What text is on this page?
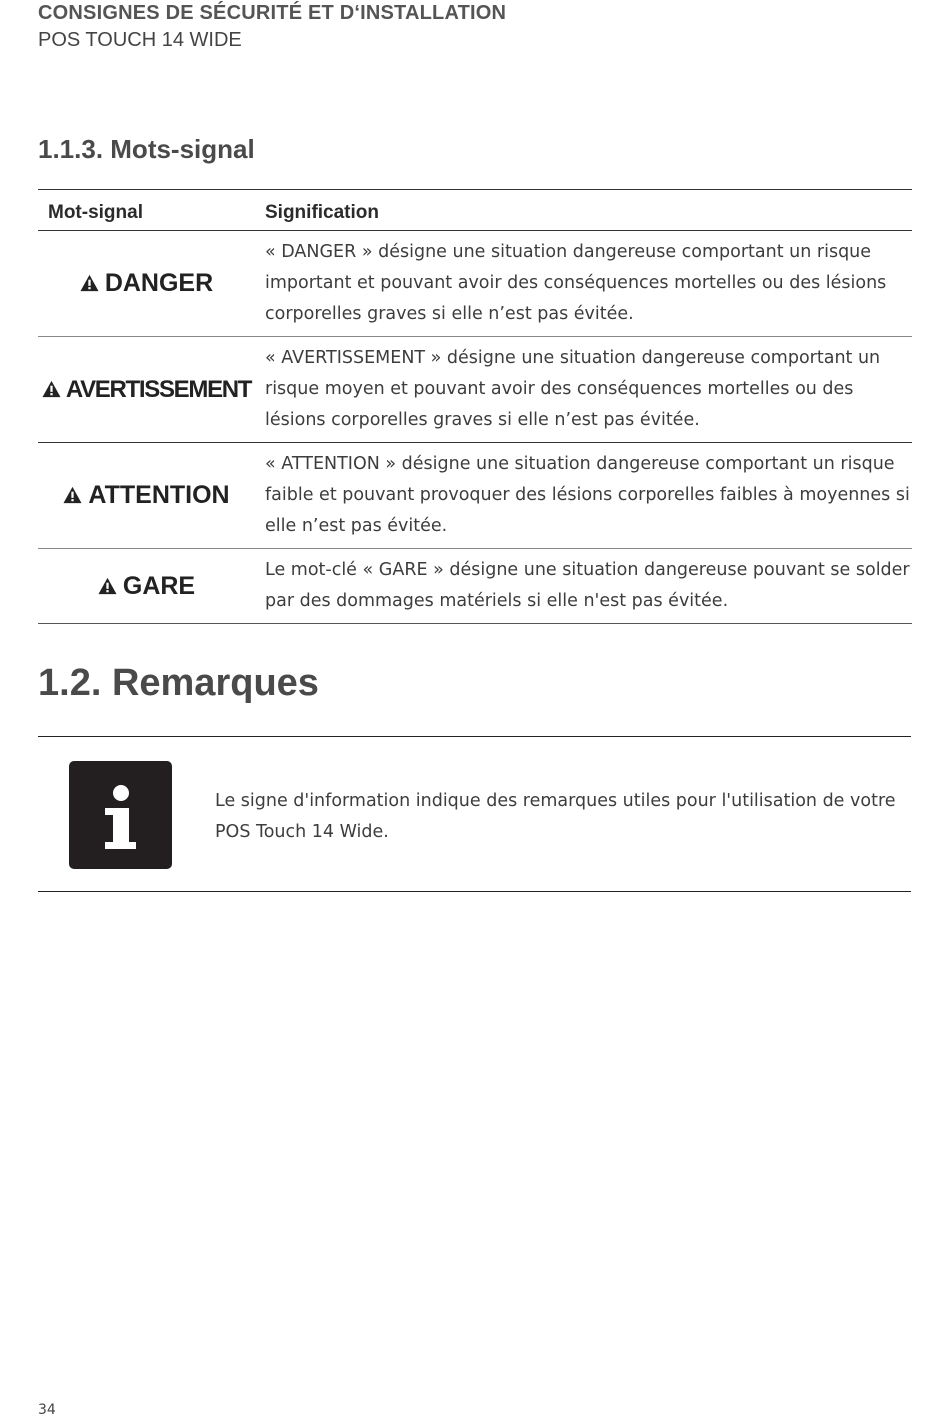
CONSIGNES DE SÉCURITÉ ET D‘INSTALLATION
POS TOUCH 14 WIDE
1.1.3. Mots-signal
Mot-signal	Signification
DANGER	« DANGER » désigne une situation dangereuse comportant un risque important et pouvant avoir des conséquences mortelles ou des lésions corporelles graves si elle n’est pas évitée.
AVERTISSEMENT	« AVERTISSEMENT » désigne une situation dangereuse comportant un risque moyen et pouvant avoir des conséquences mortelles ou des lésions corporelles graves si elle n’est pas évitée.
ATTENTION	« ATTENTION » désigne une situation dangereuse comportant un risque faible et pouvant provoquer des lésions corporelles faibles à moyennes si elle n’est pas évitée.
GARE	Le mot-clé « GARE » désigne une situation dangereuse pouvant se solder par des dommages matériels si elle n'est pas évitée.
1.2. Remarques
Le signe d'information indique des remarques utiles pour l'utilisation de votre POS Touch 14 Wide.
34
